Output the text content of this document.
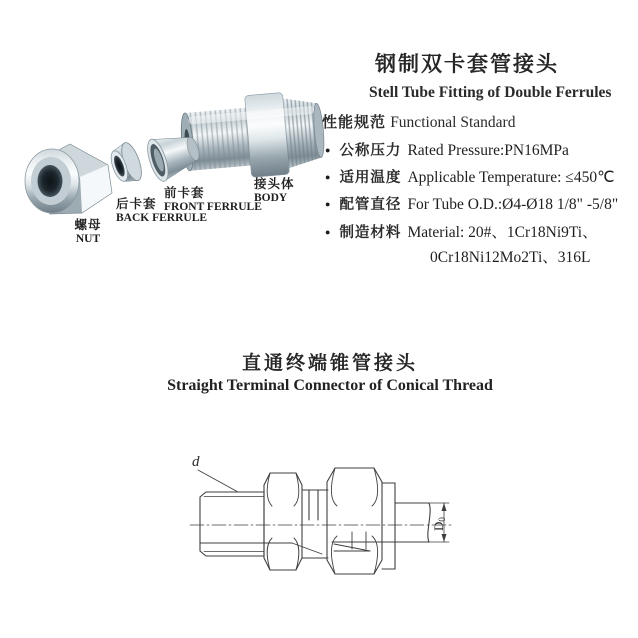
螺母
NUT
后卡套
BACK FERRULE
前卡套
FRONT FERRULE
接头体
BODY
钢制双卡套管接头
Stell Tube Fitting of Double Ferrules
性能规范 Functional Standard
● 公称压力 Rated Pressure:PN16MPa
● 适用温度 Applicable Temperature: ≤450℃
● 配管直径 For Tube O.D.:Ø4-Ø18 1/8" -5/8"
● 制造材料 Material: 20#、1Cr18Ni9Ti、
0Cr18Ni12Mo2Ti、316L
直通终端锥管接头
Straight Terminal Connector of Conical Thread
d
D0
